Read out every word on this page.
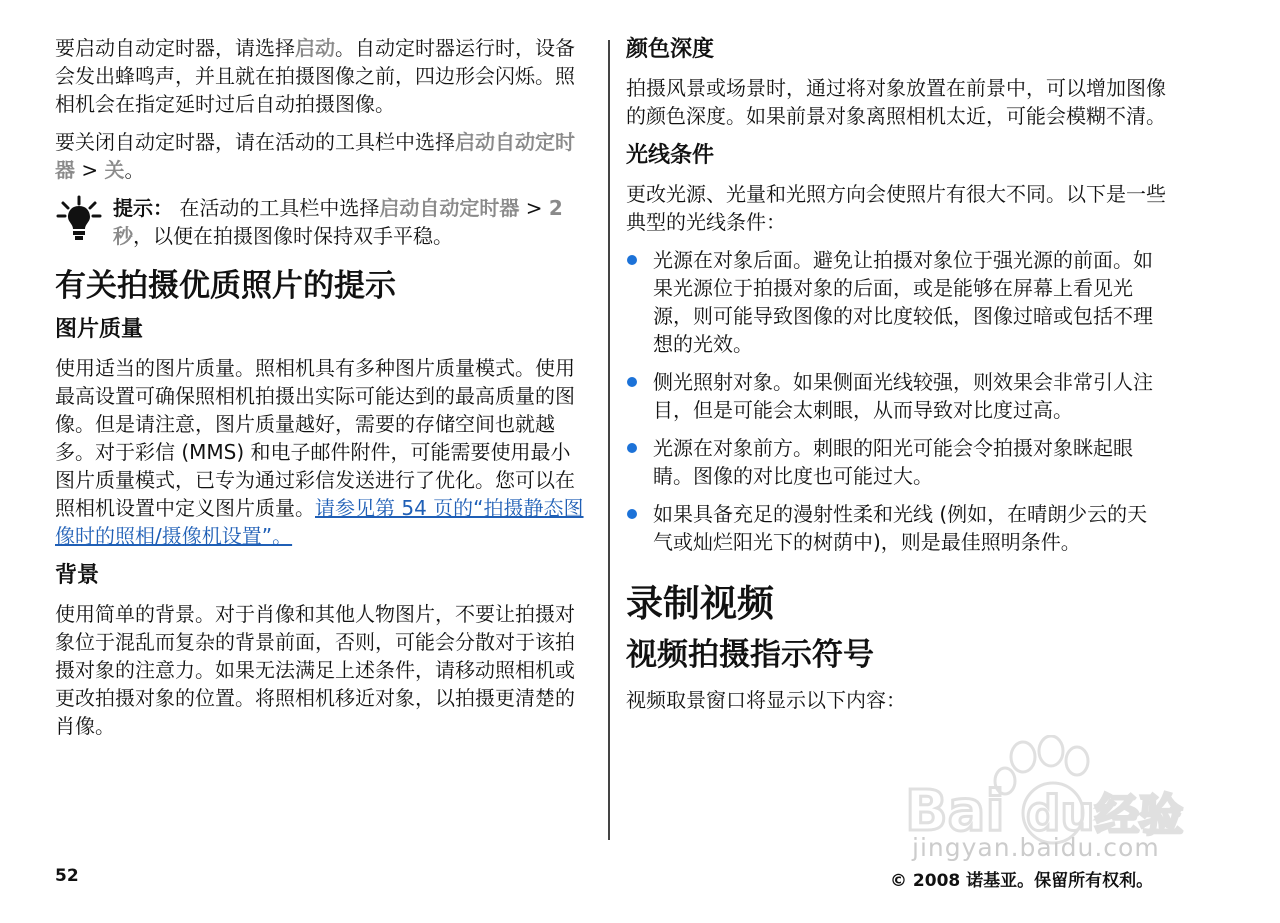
要启动自动定时器，请选择启动。自动定时器运行时，设备会发出蜂鸣声，并且就在拍摄图像之前，四边形会闪烁。照相机会在指定延时过后自动拍摄图像。

要关闭自动定时器，请在活动的工具栏中选择启动自动定时器 > 关。

提示： 在活动的工具栏中选择启动自动定时器 > 2 秒，以便在拍摄图像时保持双手平稳。

有关拍摄优质照片的提示
图片质量

使用适当的图片质量。照相机具有多种图片质量模式。使用最高设置可确保照相机拍摄出实际可能达到的最高质量的图像。但是请注意，图片质量越好，需要的存储空间也就越多。对于彩信 (MMS) 和电子邮件附件，可能需要使用最小图片质量模式，已专为通过彩信发送进行了优化。您可以在照相机设置中定义图片质量。请参见第 54 页的“拍摄静态图像时的照相/摄像机设置”。

背景

使用简单的背景。对于肖像和其他人物图片，不要让拍摄对象位于混乱而复杂的背景前面，否则，可能会分散对于该拍摄对象的注意力。如果无法满足上述条件，请移动照相机或更改拍摄对象的位置。将照相机移近对象，以拍摄更清楚的肖像。

颜色深度

拍摄风景或场景时，通过将对象放置在前景中，可以增加图像的颜色深度。如果前景对象离照相机太近，可能会模糊不清。

光线条件

更改光源、光量和光照方向会使照片有很大不同。以下是一些典型的光线条件：

光源在对象后面。避免让拍摄对象位于强光源的前面。如果光源位于拍摄对象的后面，或是能够在屏幕上看见光源，则可能导致图像的对比度较低，图像过暗或包括不理想的光效。
侧光照射对象。如果侧面光线较强，则效果会非常引人注目，但是可能会太刺眼，从而导致对比度过高。
光源在对象前方。刺眼的阳光可能会令拍摄对象眯起眼睛。图像的对比度也可能过大。
如果具备充足的漫射性柔和光线 (例如，在晴朗少云的天气或灿烂阳光下的树荫中)，则是最佳照明条件。
录制视频
视频拍摄指示符号

视频取景窗口将显示以下内容：

Bai du 经验
jingyan.baidu.com
52	© 2008 诺基亚。保留所有权利。
